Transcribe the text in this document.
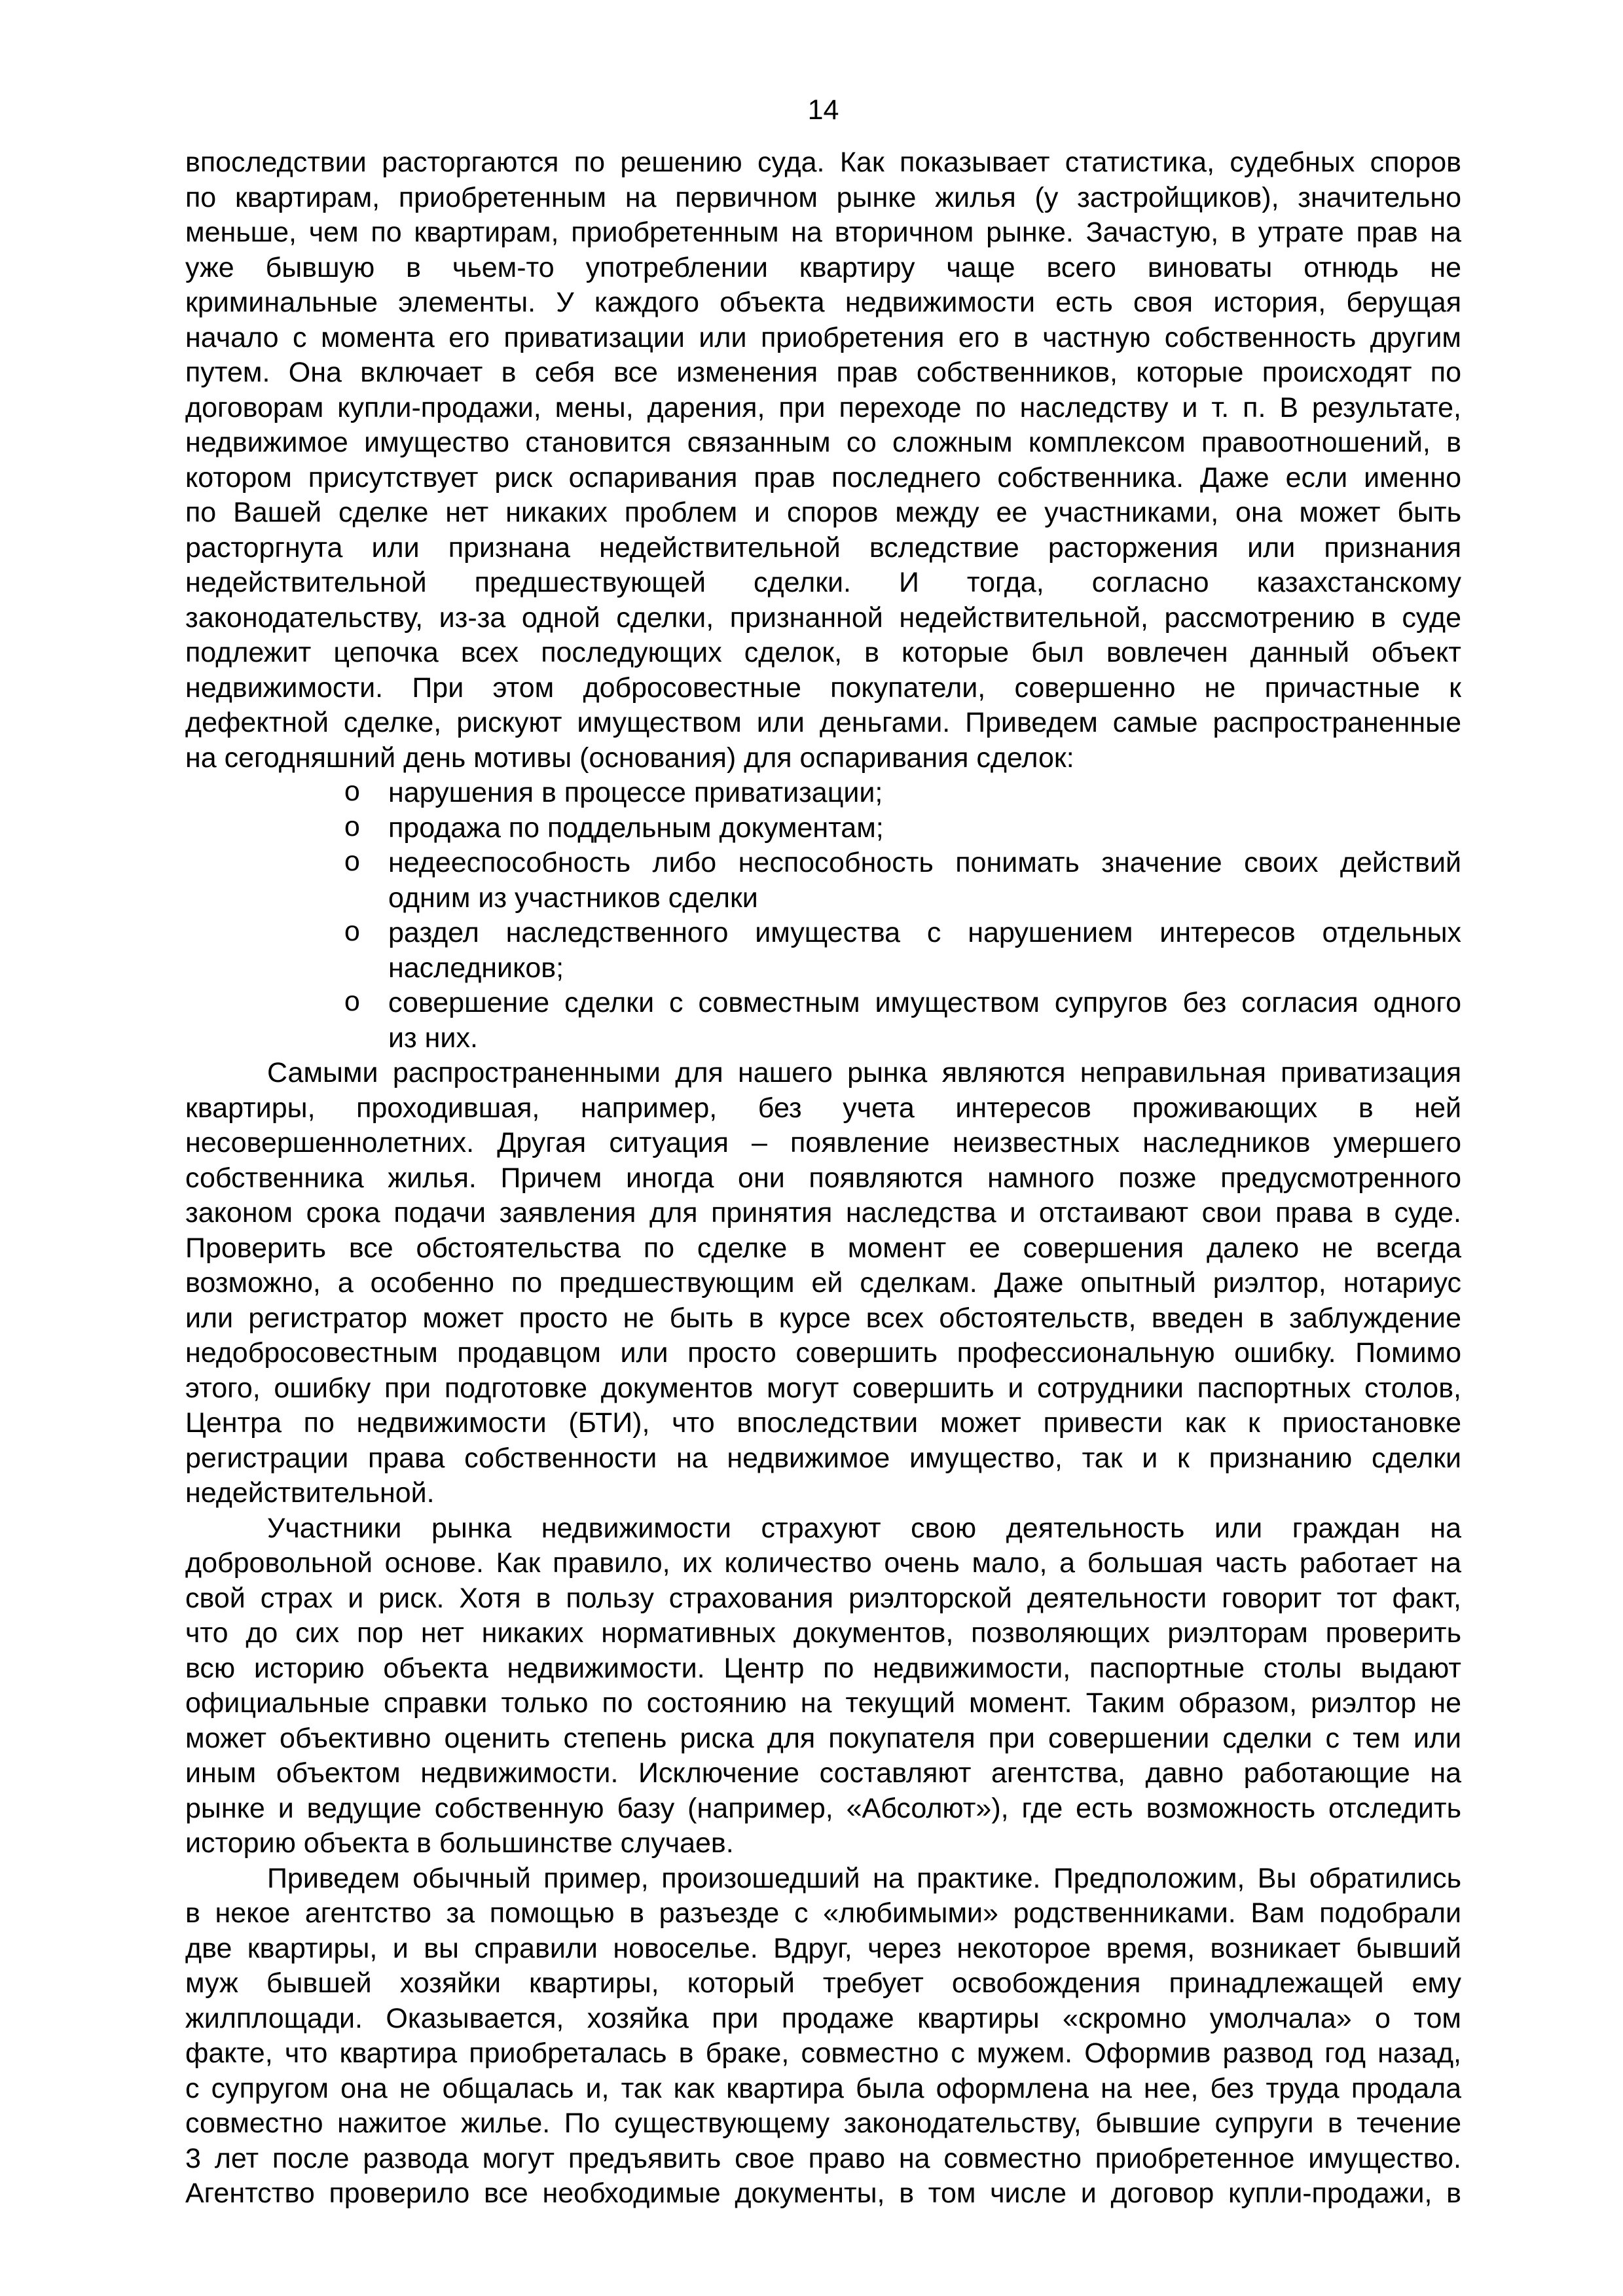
14
впоследствии расторгаются по решению суда. Как показывает статистика, судебных споров
по квартирам, приобретенным на первичном рынке жилья (у застройщиков), значительно
меньше, чем по квартирам, приобретенным на вторичном рынке. Зачастую, в утрате прав на
уже бывшую в чьем-то употреблении квартиру чаще всего виноваты отнюдь не
криминальные элементы. У каждого объекта недвижимости есть своя история, берущая
начало с момента его приватизации или приобретения его в частную собственность другим
путем. Она включает в себя все изменения прав собственников, которые происходят по
договорам купли-продажи, мены, дарения, при переходе по наследству и т. п. В результате,
недвижимое имущество становится связанным со сложным комплексом правоотношений, в
котором присутствует риск оспаривания прав последнего собственника. Даже если именно
по Вашей сделке нет никаких проблем и споров между ее участниками, она может быть
расторгнута или признана недействительной вследствие расторжения или признания
недействительной предшествующей сделки. И тогда, согласно казахстанскому
законодательству, из-за одной сделки, признанной недействительной, рассмотрению в суде
подлежит цепочка всех последующих сделок, в которые был вовлечен данный объект
недвижимости. При этом добросовестные покупатели, совершенно не причастные к
дефектной сделке, рискуют имуществом или деньгами. Приведем самые распространенные
на сегодняшний день мотивы (основания) для оспаривания сделок:
o нарушения в процессе приватизации;
o продажа по поддельным документам;
o недееспособность либо неспособность понимать значение своих действий
одним из участников сделки
o раздел наследственного имущества с нарушением интересов отдельных
наследников;
o совершение сделки с совместным имуществом супругов без согласия одного
из них.
Самыми распространенными для нашего рынка являются неправильная приватизация
квартиры, проходившая, например, без учета интересов проживающих в ней
несовершеннолетних. Другая ситуация – появление неизвестных наследников умершего
собственника жилья. Причем иногда они появляются намного позже предусмотренного
законом срока подачи заявления для принятия наследства и отстаивают свои права в суде.
Проверить все обстоятельства по сделке в момент ее совершения далеко не всегда
возможно, а особенно по предшествующим ей сделкам. Даже опытный риэлтор, нотариус
или регистратор может просто не быть в курсе всех обстоятельств, введен в заблуждение
недобросовестным продавцом или просто совершить профессиональную ошибку. Помимо
этого, ошибку при подготовке документов могут совершить и сотрудники паспортных столов,
Центра по недвижимости (БТИ), что впоследствии может привести как к приостановке
регистрации права собственности на недвижимое имущество, так и к признанию сделки
недействительной.
Участники рынка недвижимости страхуют свою деятельность или граждан на
добровольной основе. Как правило, их количество очень мало, а большая часть работает на
свой страх и риск. Хотя в пользу страхования риэлторской деятельности говорит тот факт,
что до сих пор нет никаких нормативных документов, позволяющих риэлторам проверить
всю историю объекта недвижимости. Центр по недвижимости, паспортные столы выдают
официальные справки только по состоянию на текущий момент. Таким образом, риэлтор не
может объективно оценить степень риска для покупателя при совершении сделки с тем или
иным объектом недвижимости. Исключение составляют агентства, давно работающие на
рынке и ведущие собственную базу (например, «Абсолют»), где есть возможность отследить
историю объекта в большинстве случаев.
Приведем обычный пример, произошедший на практике. Предположим, Вы обратились
в некое агентство за помощью в разъезде с «любимыми» родственниками. Вам подобрали
две квартиры, и вы справили новоселье. Вдруг, через некоторое время, возникает бывший
муж бывшей хозяйки квартиры, который требует освобождения принадлежащей ему
жилплощади. Оказывается, хозяйка при продаже квартиры «скромно умолчала» о том
факте, что квартира приобреталась в браке, совместно с мужем. Оформив развод год назад,
с супругом она не общалась и, так как квартира была оформлена на нее, без труда продала
совместно нажитое жилье. По существующему законодательству, бывшие супруги в течение
3 лет после развода могут предъявить свое право на совместно приобретенное имущество.
Агентство проверило все необходимые документы, в том числе и договор купли-продажи, в
